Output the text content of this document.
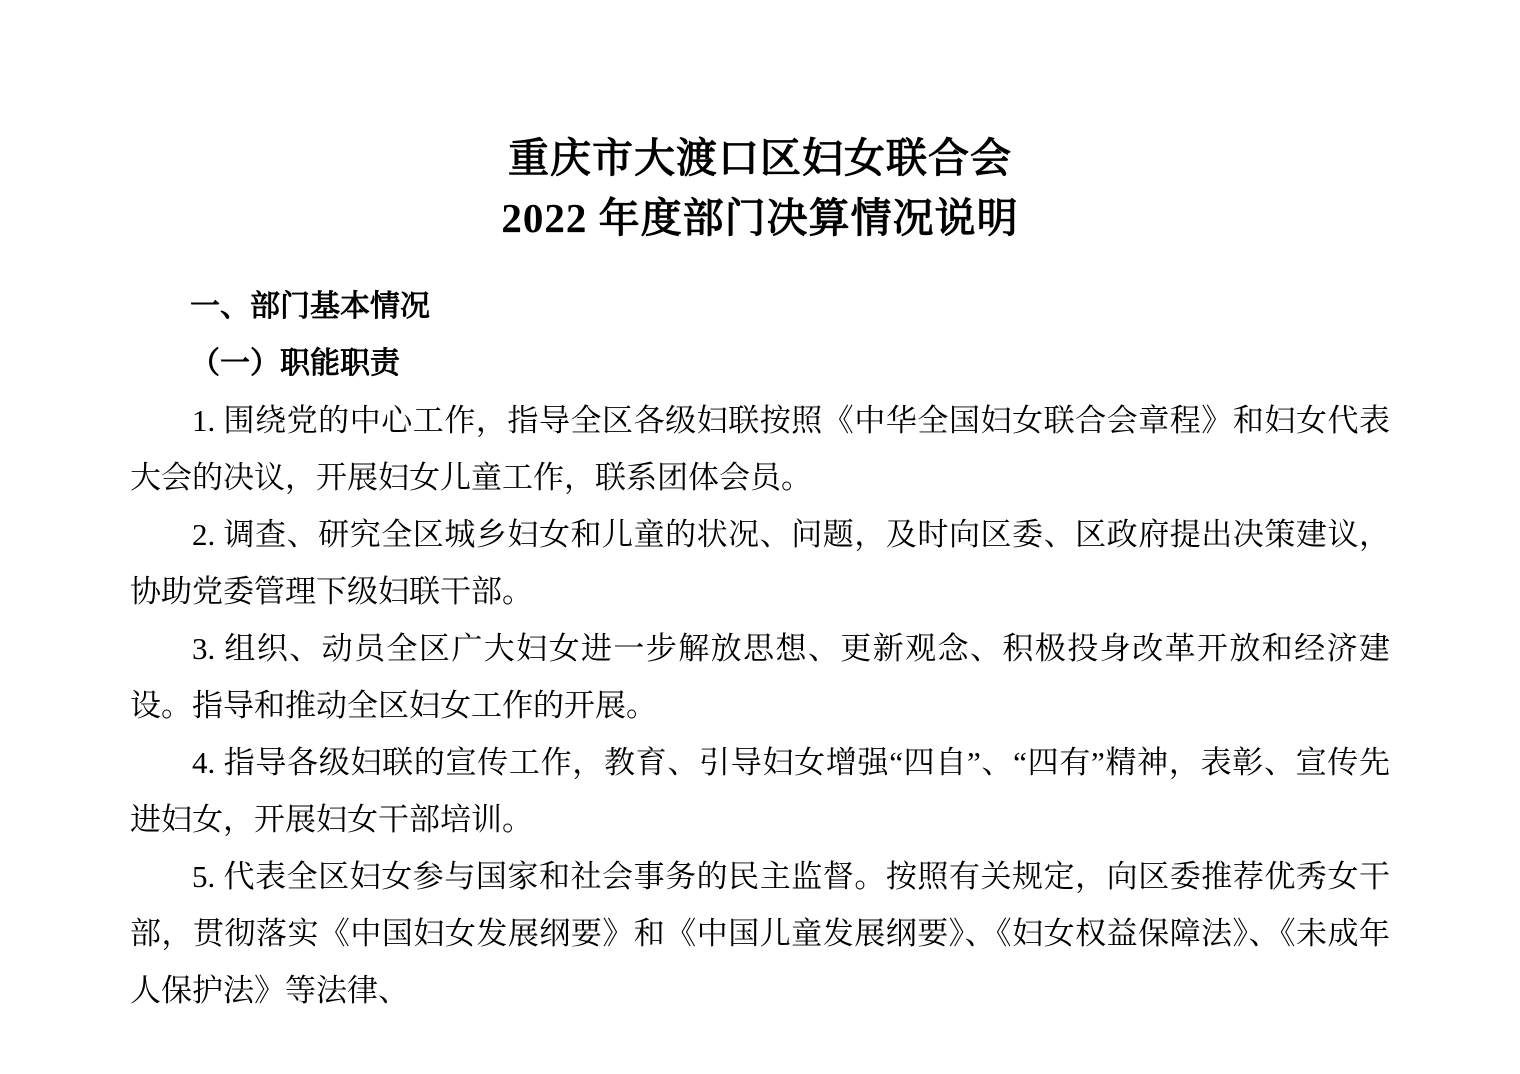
重庆市大渡口区妇女联合会
2022 年度部门决算情况说明
一、部门基本情况
（一）职能职责

1. 围绕党的中心工作，指导全区各级妇联按照《中华全国妇女联合会章程》和妇女代表大会的决议，开展妇女儿童工作，联系团体会员。

2. 调查、研究全区城乡妇女和儿童的状况、问题，及时向区委、区政府提出决策建议，协助党委管理下级妇联干部。

3. 组织、动员全区广大妇女进一步解放思想、更新观念、积极投身改革开放和经济建设。指导和推动全区妇女工作的开展。

4. 指导各级妇联的宣传工作，教育、引导妇女增强“四自”、“四有”精神，表彰、宣传先进妇女，开展妇女干部培训。

5. 代表全区妇女参与国家和社会事务的民主监督。按照有关规定，向区委推荐优秀女干部，贯彻落实《中国妇女发展纲要》和《中国儿童发展纲要》、《妇女权益保障法》、《未成年人保护法》等法律、
